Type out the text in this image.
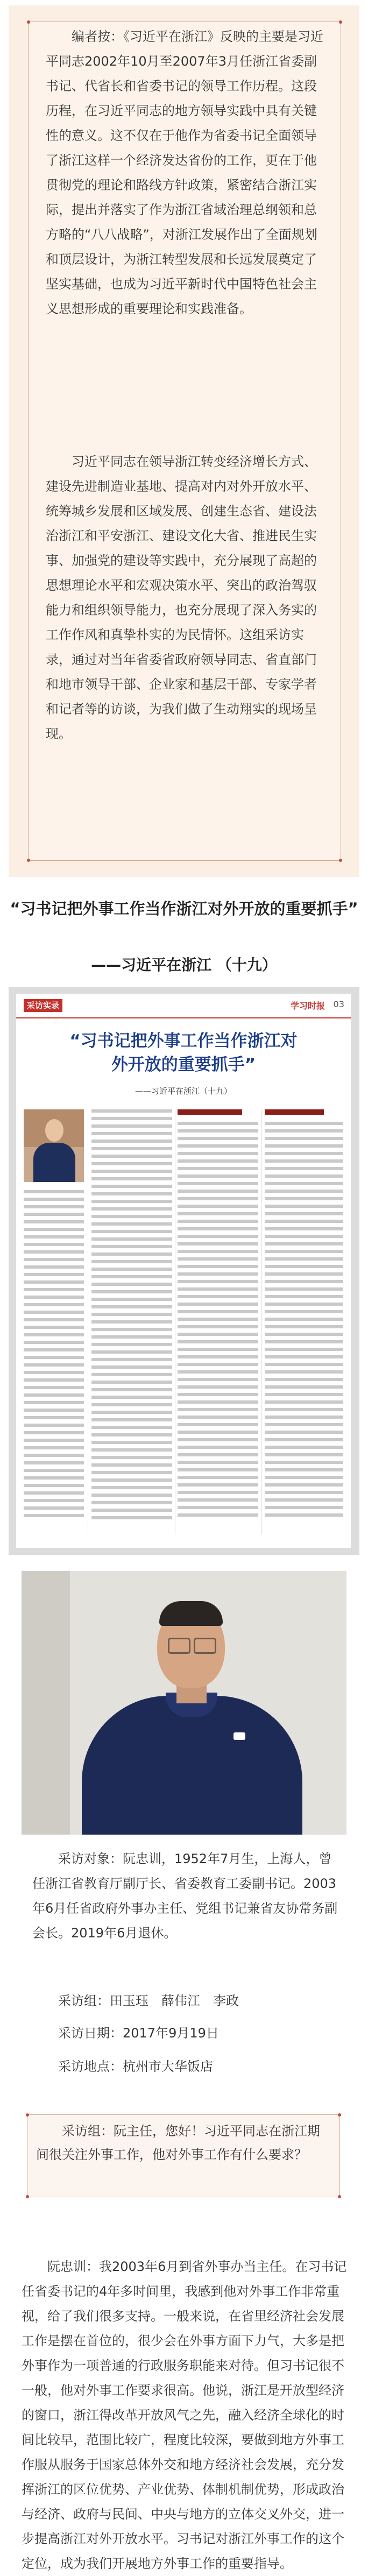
编者按：《习近平在浙江》反映的主要是习近平同志2002年10月至2007年3月任浙江省委副书记、代省长和省委书记的领导工作历程。这段历程，在习近平同志的地方领导实践中具有关键性的意义。这不仅在于他作为省委书记全面领导了浙江这样一个经济发达省份的工作，更在于他贯彻党的理论和路线方针政策，紧密结合浙江实际，提出并落实了作为浙江省域治理总纲领和总方略的“八八战略”，对浙江发展作出了全面规划和顶层设计，为浙江转型发展和长远发展奠定了坚实基础，也成为习近平新时代中国特色社会主义思想形成的重要理论和实践准备。

习近平同志在领导浙江转变经济增长方式、建设先进制造业基地、提高对内对外开放水平、统筹城乡发展和区域发展、创建生态省、建设法治浙江和平安浙江、建设文化大省、推进民生实事、加强党的建设等实践中，充分展现了高超的思想理论水平和宏观决策水平、突出的政治驾驭能力和组织领导能力，也充分展现了深入务实的工作作风和真挚朴实的为民情怀。这组采访实录，通过对当年省委省政府领导同志、省直部门和地市领导干部、企业家和基层干部、专家学者和记者等的访谈，为我们做了生动翔实的现场呈现。

“习书记把外事工作当作浙江对外开放的重要抓手”
——习近平在浙江 （十九）
采访实录	学习时报 03
“习书记把外事工作当作浙江对外开放的重要抓手”
——习近平在浙江（十九）

采访对象：阮忠训，1952年7月生，上海人，曾任浙江省教育厅副厅长、省委教育工委副书记。2003年6月任省政府外事办主任、党组书记兼省友协常务副会长。2019年6月退休。

采访组：田玉珏　薛伟江　李政
采访日期：2017年9月19日
采访地点：杭州市大华饭店

采访组：阮主任，您好！习近平同志在浙江期间很关注外事工作，他对外事工作有什么要求？

阮忠训：我2003年6月到省外事办当主任。在习书记任省委书记的4年多时间里，我感到他对外事工作非常重视，给了我们很多支持。一般来说，在省里经济社会发展工作是摆在首位的，很少会在外事方面下力气，大多是把外事作为一项普通的行政服务职能来对待。但习书记很不一般，他对外事工作要求很高。他说，浙江是开放型经济的窗口，浙江得改革开放风气之先，融入经济全球化的时间比较早，范围比较广，程度比较深，要做到地方外事工作服从服务于国家总体外交和地方经济社会发展，充分发挥浙江的区位优势、产业优势、体制机制优势，形成政治与经济、政府与民间、中央与地方的立体交叉外交，进一步提高浙江对外开放水平。习书记对浙江外事工作的这个定位，成为我们开展地方外事工作的重要指导。
